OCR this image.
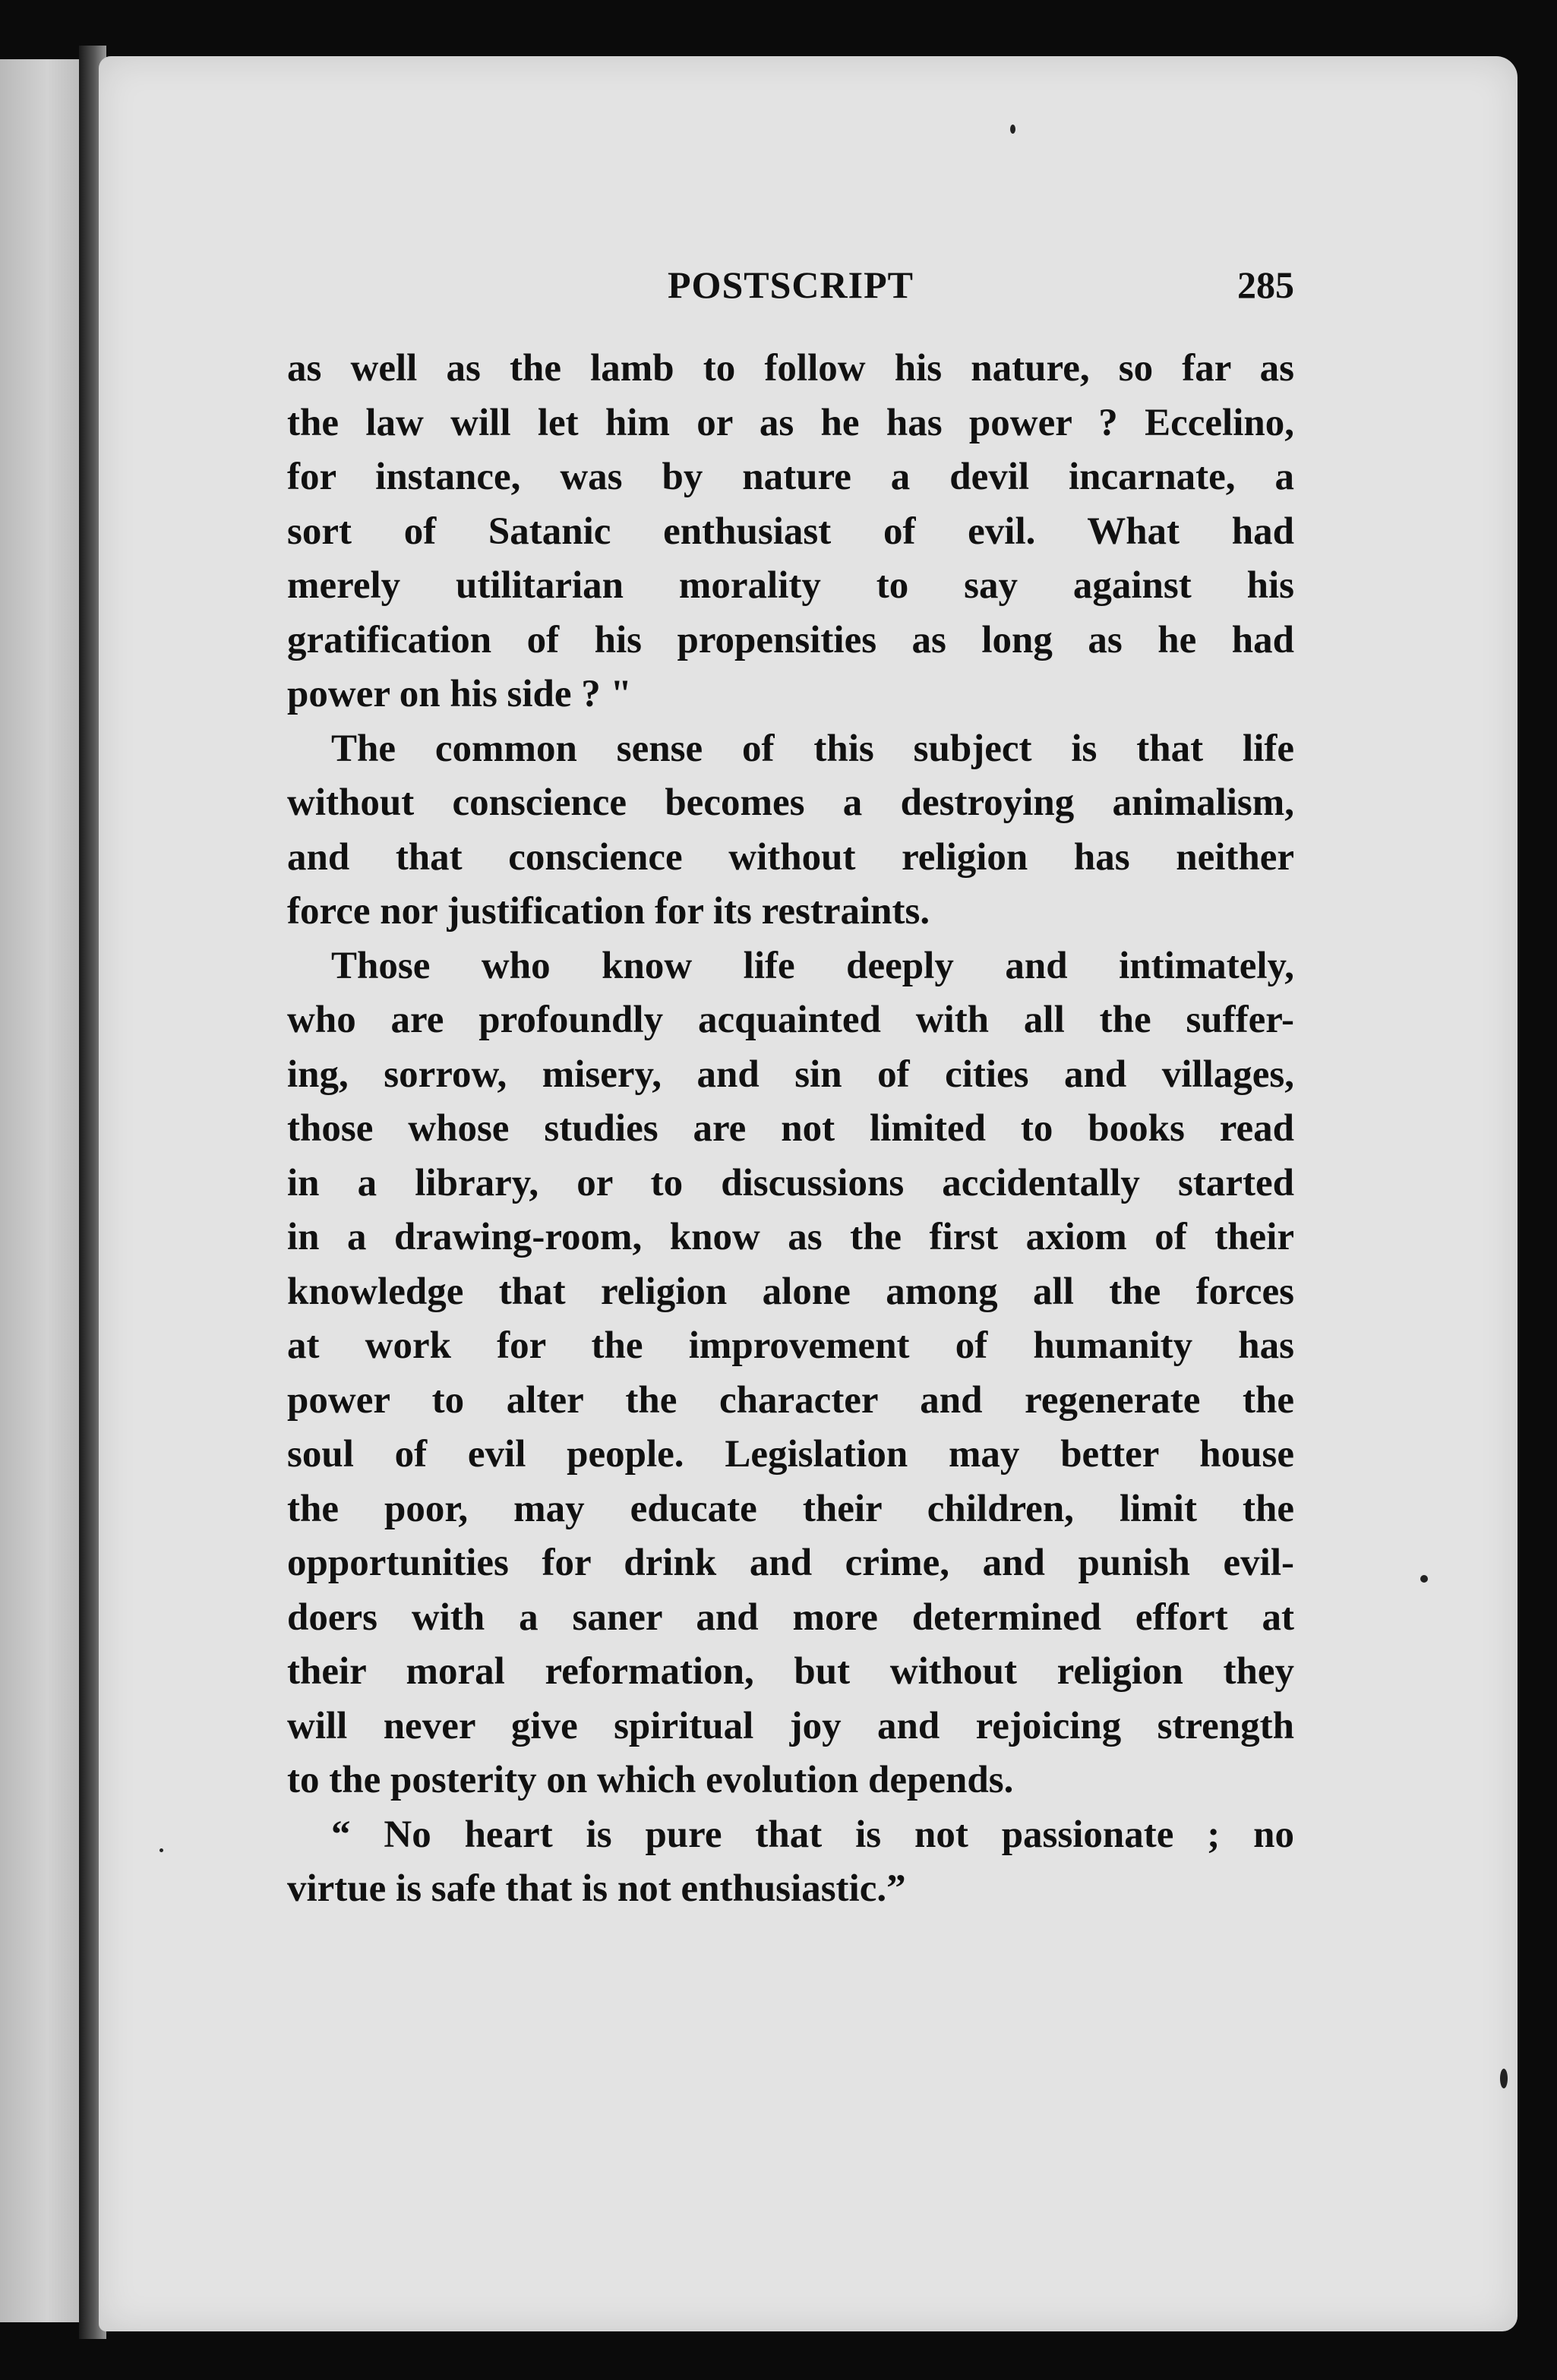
POSTSCRIPT	285
as well as the lamb to follow his nature, so far as
the law will let him or as he has power ? Eccelino,
for instance, was by nature a devil incarnate, a
sort of Satanic enthusiast of evil. What had
merely utilitarian morality to say against his
gratification of his propensities as long as he had
power on his side ? "
The common sense of this subject is that life
without conscience becomes a destroying animalism,
and that conscience without religion has neither
force nor justification for its restraints.
Those who know life deeply and intimately,
who are profoundly acquainted with all the suffer-
ing, sorrow, misery, and sin of cities and villages,
those whose studies are not limited to books read
in a library, or to discussions accidentally started
in a drawing-room, know as the first axiom of their
knowledge that religion alone among all the forces
at work for the improvement of humanity has
power to alter the character and regenerate the
soul of evil people. Legislation may better house
the poor, may educate their children, limit the
opportunities for drink and crime, and punish evil-
doers with a saner and more determined effort at
their moral reformation, but without religion they
will never give spiritual joy and rejoicing strength
to the posterity on which evolution depends.
“ No heart is pure that is not passionate ; no
virtue is safe that is not enthusiastic.”
